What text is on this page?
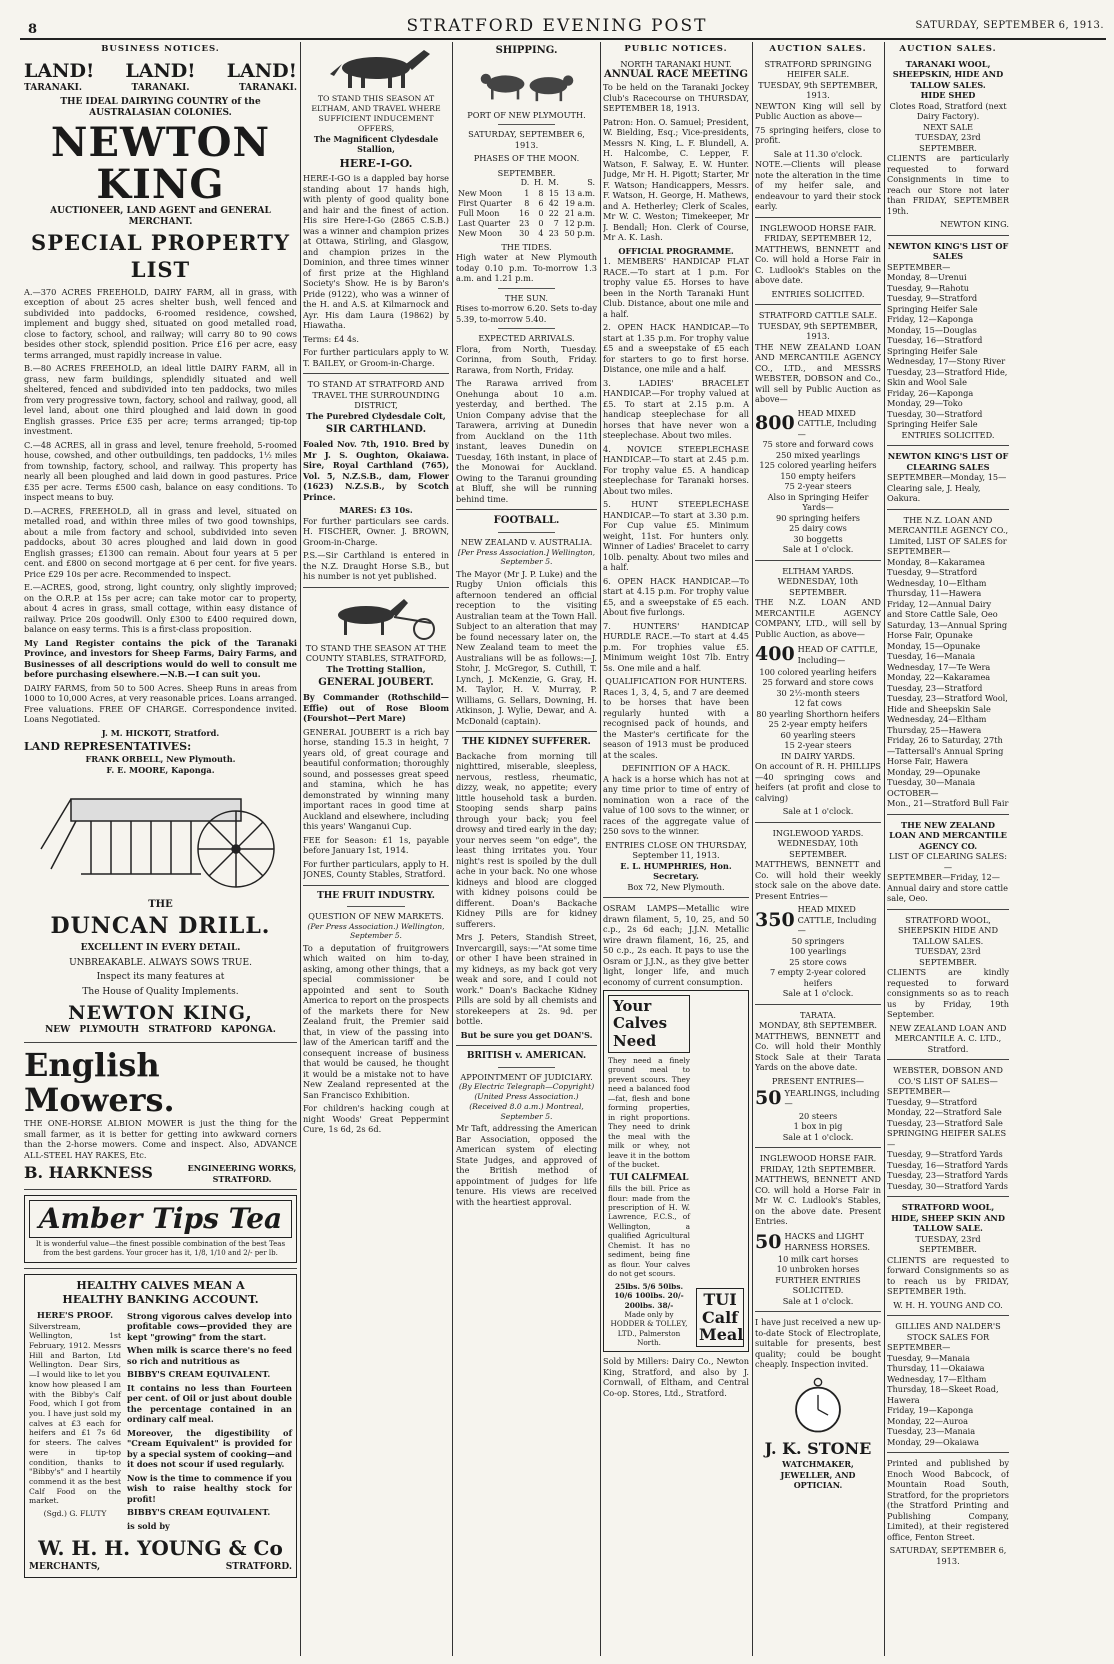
8	STRATFORD EVENING POST	SATURDAY, SEPTEMBER 6, 1913.
BUSINESS NOTICES.
LAND! LAND! LAND!
TARANAKI.	TARANAKI.	TARANAKI.
THE IDEAL DAIRYING COUNTRY of the AUSTRALASIAN COLONIES.
NEWTON KING
AUCTIONEER, LAND AGENT and GENERAL MERCHANT.
SPECIAL PROPERTY LIST
A.—370 ACRES FREEHOLD, DAIRY FARM, all in grass, with exception of about 25 acres shelter bush, well fenced and subdivided into paddocks, 6-roomed residence, cowshed, implement and buggy shed, situated on good metalled road, close to factory, school, and railway; will carry 80 to 90 cows besides other stock, splendid position. Price £16 per acre, easy terms arranged, must rapidly increase in value.
B.—80 ACRES FREEHOLD, an ideal little DAIRY FARM, all in grass, new farm buildings, splendidly situated and well sheltered, fenced and subdivided into ten paddocks, two miles from very progressive town, factory, school and railway, good, all level land, about one third ploughed and laid down in good English grasses. Price £35 per acre; terms arranged; tip-top investment.
C.—48 ACRES, all in grass and level, tenure freehold, 5-roomed house, cowshed, and other outbuildings, ten paddocks, 1½ miles from township, factory, school, and railway. This property has nearly all been ploughed and laid down in good pastures. Price £35 per acre. Terms £500 cash, balance on easy conditions. To inspect means to buy.
D.—ACRES, FREEHOLD, all in grass and level, situated on metalled road, and within three miles of two good townships, about a mile from factory and school, subdivided into seven paddocks, about 30 acres ploughed and laid down in good English grasses; £1300 can remain. About four years at 5 per cent. and £800 on second mortgage at 6 per cent. for five years. Price £29 10s per acre. Recommended to inspect.
E.—ACRES, good, strong, light country, only slightly improved; on the O.R.P. at 15s per acre; can take motor car to property, about 4 acres in grass, small cottage, within easy distance of railway. Price 20s goodwill. Only £300 to £400 required down, balance on easy terms. This is a first-class proposition.
My Land Register contains the pick of the Taranaki Province, and investors for Sheep Farms, Dairy Farms, and Businesses of all descriptions would do well to consult me before purchasing elsewhere.—N.B.—I can suit you.
DAIRY FARMS, from 50 to 500 Acres. Sheep Runs in areas from 1000 to 10,000 Acres, at very reasonable prices. Loans arranged. Free valuations. FREE OF CHARGE. Correspondence invited. Loans Negotiated.
J. M. HICKOTT, Stratford.
LAND REPRESENTATIVES:
FRANK ORBELL, New Plymouth.
F. E. MOORE, Kaponga.
THE
DUNCAN DRILL.
EXCELLENT IN EVERY DETAIL.
UNBREAKABLE. ALWAYS SOWS TRUE.
Inspect its many features at
The House of Quality Implements.
NEWTON KING,
NEW PLYMOUTH STRATFORD KAPONGA.
English Mowers.
THE ONE-HORSE ALBION MOWER is just the thing for the small farmer, as it is better for getting into awkward corners than the 2-horse mowers. Come and inspect. Also, ADVANCE ALL-STEEL HAY RAKES, Etc.
B. HARKNESS	ENGINEERING WORKS, STRATFORD.
Amber Tips Tea
It is wonderful value—the finest possible combination of the best Teas from the best gardens. Your grocer has it, 1/8, 1/10 and 2/- per lb.
HEALTHY CALVES MEAN A
HEALTHY BANKING ACCOUNT.
HERE'S PROOF.
Silverstream, Wellington, 1st February, 1912. Messrs Hill and Barton, Ltd Wellington. Dear Sirs,—I would like to let you know how pleased I am with the Bibby's Calf Food, which I got from you. I have just sold my calves at £3 each for heifers and £1 7s 6d for steers. The calves were in tip-top condition, thanks to "Bibby's" and I heartily commend it as the best Calf Food on the market.
(Sgd.) G. FLUTY
Strong vigorous calves develop into profitable cows—provided they are kept "growing" from the start.
When milk is scarce there's no feed so rich and nutritious as
BIBBY'S CREAM EQUIVALENT.
It contains no less than Fourteen per cent. of Oil or just about double the percentage contained in an ordinary calf meal.
Moreover, the digestibility of "Cream Equivalent" is provided for by a special system of cooking—and it does not scour if used regularly.
Now is the time to commence if you wish to raise healthy stock for profit!
BIBBY'S CREAM EQUIVALENT.
is sold by
W. H. H. YOUNG & Co
MERCHANTS,	STRATFORD.
TO STAND THIS SEASON AT ELTHAM, AND TRAVEL WHERE SUFFICIENT INDUCEMENT OFFERS,
The Magnificent Clydesdale Stallion,
HERE-I-GO.
HERE-I-GO is a dappled bay horse standing about 17 hands high, with plenty of good quality bone and hair and the finest of action. His sire Here-I-Go (2865 C.S.B.) was a winner and champion prizes at Ottawa, Stirling, and Glasgow, and champion prizes in the Dominion, and three times winner of first prize at the Highland Society's Show. He is by Baron's Pride (9122), who was a winner of the H. and A.S. at Kilmarnock and Ayr. His dam Laura (19862) by Hiawatha.
Terms: £4 4s.
For further particulars apply to W. T. BAILEY, or Groom-in-Charge.
TO STAND AT STRATFORD AND TRAVEL THE SURROUNDING DISTRICT,
The Purebred Clydesdale Colt,
SIR CARTHLAND.
Foaled Nov. 7th, 1910. Bred by Mr J. S. Oughton, Okaiawa. Sire, Royal Carthland (765), Vol. 5, N.Z.S.B., dam, Flower (1623) N.Z.S.B., by Scotch Prince.
MARES: £3 10s.
For further particulars see cards. H. FISCHER, Owner. J. BROWN, Groom-in-Charge.
P.S.—Sir Carthland is entered in the N.Z. Draught Horse S.B., but his number is not yet published.
TO STAND THE SEASON AT THE COUNTY STABLES, STRATFORD,
The Trotting Stallion,
GENERAL JOUBERT.
By Commander (Rothschild—Effie) out of Rose Bloom (Fourshot—Pert Mare)
GENERAL JOUBERT is a rich bay horse, standing 15.3 in height, 7 years old, of great courage and beautiful conformation; thoroughly sound, and possesses great speed and stamina, which he has demonstrated by winning many important races in good time at Auckland and elsewhere, including this years' Wanganui Cup.
FEE for Season: £1 1s, payable before January 1st, 1914.
For further particulars, apply to H. JONES, County Stables, Stratford.
THE FRUIT INDUSTRY.
QUESTION OF NEW MARKETS.
(Per Press Association.) Wellington, September 5.
To a deputation of fruitgrowers which waited on him to-day, asking, among other things, that a special commissioner be appointed and sent to South America to report on the prospects of the markets there for New Zealand fruit, the Premier said that, in view of the passing into law of the American tariff and the consequent increase of business that would be caused, he thought it would be a mistake not to have New Zealand represented at the San Francisco Exhibition.
For children's hacking cough at night Woods' Great Peppermint Cure, 1s 6d, 2s 6d.
SHIPPING.
PORT OF NEW PLYMOUTH.
SATURDAY, SEPTEMBER 6, 1913.
PHASES OF THE MOON.
SEPTEMBER.
	D.	H.	M.	S.
New Moon	1	8	15	13 a.m.
First Quarter	8	6	42	19 a.m.
Full Moon	16	0	22	21 a.m.
Last Quarter	23	0	7	12 p.m.
New Moon	30	4	23	50 p.m.
THE TIDES.
High water at New Plymouth today 0.10 p.m. To-morrow 1.3 a.m. and 1.21 p.m.
THE SUN.
Rises to-morrow 6.20. Sets to-day 5.39, to-morrow 5.40.
EXPECTED ARRIVALS.
Flora, from North, Tuesday. Corinna, from South, Friday. Rarawa, from North, Friday.
The Rarawa arrived from Onehunga about 10 a.m. yesterday, and berthed. The Union Company advise that the Tarawera, arriving at Dunedin from Auckland on the 11th instant, leaves Dunedin on Tuesday, 16th instant, in place of the Monowai for Auckland. Owing to the Taranui grounding at Bluff, she will be running behind time.
FOOTBALL.
NEW ZEALAND v. AUSTRALIA.
[Per Press Association.] Wellington, September 5.
The Mayor (Mr J. P. Luke) and the Rugby Union officials this afternoon tendered an official reception to the visiting Australian team at the Town Hall. Subject to an alteration that may be found necessary later on, the New Zealand team to meet the Australians will be as follows:—J. Stohr, J. McGregor, S. Cuthill, T. Lynch, J. McKenzie, G. Gray, H. M. Taylor, H. V. Murray, P. Williams, G. Sellars, Downing, H. Atkinson, J. Wylie, Dewar, and A. McDonald (captain).
THE KIDNEY SUFFERER.
Backache from morning till nighttired, miserable, sleepless, nervous, restless, rheumatic, dizzy, weak, no appetite; every little household task a burden. Stooping sends sharp pains through your back; you feel drowsy and tired early in the day; your nerves seem "on edge", the least thing irritates you. Your night's rest is spoiled by the dull ache in your back. No one whose kidneys and blood are clogged with kidney poisons could be different. Doan's Backache Kidney Pills are for kidney sufferers.
Mrs J. Peters, Standish Street, Invercargill, says:—"At some time or other I have been strained in my kidneys, as my back got very weak and sore, and I could not work." Doan's Backache Kidney Pills are sold by all chemists and storekeepers at 2s. 9d. per bottle.
But be sure you get DOAN'S.
BRITISH v. AMERICAN.
APPOINTMENT OF JUDICIARY.
(By Electric Telegraph—Copyright) (United Press Association.) (Received 8.0 a.m.) Montreal, September 5.
Mr Taft, addressing the American Bar Association, opposed the American system of electing State Judges, and approved of the British method of appointment of judges for life tenure. His views are received with the heartiest approval.
PUBLIC NOTICES.
NORTH TARANAKI HUNT.
ANNUAL RACE MEETING
To be held on the Taranaki Jockey Club's Racecourse on THURSDAY, SEPTEMBER 18, 1913.
Patron: Hon. O. Samuel; President, W. Bielding, Esq.; Vice-presidents, Messrs N. King, L. F. Blundell, A. H. Halcombe, C. Lepper, F. Watson, F. Salway, E. W. Hunter. Judge, Mr H. H. Pigott; Starter, Mr F. Watson; Handicappers, Messrs. F. Watson, H. George, H. Mathews, and A. Hetherley; Clerk of Scales, Mr W. C. Weston; Timekeeper, Mr J. Bendall; Hon. Clerk of Course, Mr A. K. Lash.
OFFICIAL PROGRAMME.
1. MEMBERS' HANDICAP FLAT RACE.—To start at 1 p.m. For trophy value £5. Horses to have been in the North Taranaki Hunt Club. Distance, about one mile and a half.
2. OPEN HACK HANDICAP.—To start at 1.35 p.m. For trophy value £5 and a sweepstake of £5 each for starters to go to first horse. Distance, one mile and a half.
3. LADIES' BRACELET HANDICAP.—For trophy valued at £5. To start at 2.15 p.m. A handicap steeplechase for all horses that have never won a steeplechase. About two miles.
4. NOVICE STEEPLECHASE HANDICAP.—To start at 2.45 p.m. For trophy value £5. A handicap steeplechase for Taranaki horses. About two miles.
5. HUNT STEEPLECHASE HANDICAP.—To start at 3.30 p.m. For Cup value £5. Minimum weight, 11st. For hunters only. Winner of Ladies' Bracelet to carry 10lb. penalty. About two miles and a half.
6. OPEN HACK HANDICAP.—To start at 4.15 p.m. For trophy value £5, and a sweepstake of £5 each. About five furlongs.
7. HUNTERS' HANDICAP HURDLE RACE.—To start at 4.45 p.m. For trophies value £5. Minimum weight 10st 7lb. Entry 5s. One mile and a half.
QUALIFICATION FOR HUNTERS.
Races 1, 3, 4, 5, and 7 are deemed to be horses that have been regularly hunted with a recognised pack of hounds, and the Master's certificate for the season of 1913 must be produced at the scales.
DEFINITION OF A HACK.
A hack is a horse which has not at any time prior to time of entry of nomination won a race of the value of 100 sovs to the winner, or races of the aggregate value of 250 sovs to the winner.
ENTRIES CLOSE ON THURSDAY, September 11, 1913.
E. L. HUMPHRIES, Hon. Secretary.
Box 72, New Plymouth.
OSRAM LAMPS—Metallic wire drawn filament, 5, 10, 25, and 50 c.p., 2s 6d each; J.J.N. Metallic wire drawn filament, 16, 25, and 50 c.p., 2s each. It pays to use the Osram or J.J.N., as they give better light, longer life, and much economy of current consumption.
Your
Calves
Need
They need a finely ground meal to prevent scours. They need a balanced food—fat, flesh and bone forming properties, in right proportions. They need to drink the meal with the milk or whey, not leave it in the bottom of the bucket.
TUI CALFMEAL
fills the bill. Price as flour: made from the prescription of H. W. Lawrence, F.C.S., of Wellington, a qualified Agricultural Chemist. It has no sediment, being fine as flour. Your calves do not get scours.
25lbs. 5/6 50lbs. 10/6 100lbs. 20/- 200lbs. 38/-
Made only by HODDER & TOLLEY, LTD., Palmerston North.
TUI
Calf
Meal
Sold by Millers: Dairy Co., Newton King, Stratford, and also by J. Cornwall, of Eltham, and Central Co-op. Stores, Ltd., Stratford.
AUCTION SALES.
STRATFORD SPRINGING HEIFER SALE.
TUESDAY, 9th SEPTEMBER, 1913.
NEWTON King will sell by Public Auction as above—
75 springing heifers, close to profit.
Sale at 11.30 o'clock.
NOTE.—Clients will please note the alteration in the time of my heifer sale, and endeavour to yard their stock early.
INGLEWOOD HORSE FAIR.
FRIDAY, SEPTEMBER 12,
MATTHEWS, BENNETT and Co. will hold a Horse Fair in C. Ludlook's Stables on the above date.
ENTRIES SOLICITED.
STRATFORD CATTLE SALE.
TUESDAY, 9th SEPTEMBER, 1913.
THE NEW ZEALAND LOAN AND MERCANTILE AGENCY CO., LTD., and MESSRS WEBSTER, DOBSON and Co., will sell by Public Auction as above—
800 HEAD MIXED CATTLE, Including—
75 store and forward cows
250 mixed yearlings
125 colored yearling heifers
150 empty heifers
75 2-year steers
Also in Springing Heifer Yards—
90 springing heifers
25 dairy cows
30 boggetts
Sale at 1 o'clock.
ELTHAM YARDS.
WEDNESDAY, 10th SEPTEMBER.
THE N.Z. LOAN AND MERCANTILE AGENCY COMPANY, LTD., will sell by Public Auction, as above—
400 HEAD OF CATTLE, Including—
100 colored yearling heifers
25 forward and store cows
30 2½-month steers
12 fat cows
80 yearling Shorthorn heifers
25 2-year empty heifers
60 yearling steers
15 2-year steers
IN DAIRY YARDS.
On account of R. H. PHILLIPS—40 springing cows and heifers (at profit and close to calving)
Sale at 1 o'clock.
INGLEWOOD YARDS.
WEDNESDAY, 10th SEPTEMBER.
MATTHEWS, BENNETT and Co. will hold their weekly stock sale on the above date. Present Entries—
350 HEAD MIXED CATTLE, Including—
50 springers
100 yearlings
25 store cows
7 empty 2-year colored heifers
Sale at 1 o'clock.
TARATA.
MONDAY, 8th SEPTEMBER.
MATTHEWS, BENNETT and Co. will hold their Monthly Stock Sale at their Tarata Yards on the above date.
PRESENT ENTRIES—
50 YEARLINGS, including—
20 steers
1 box in pig
Sale at 1 o'clock.
INGLEWOOD HORSE FAIR.
FRIDAY, 12th SEPTEMBER.
MATTHEWS, BENNETT AND CO. will hold a Horse Fair in Mr W. C. Ludlook's Stables, on the above date. Present Entries.
50 HACKS and LIGHT HARNESS HORSES.
10 milk cart horses
10 unbroken horses
FURTHER ENTRIES SOLICITED.
Sale at 1 o'clock.
I have just received a new up-to-date Stock of Electroplate, suitable for presents, best quality; could be bought cheaply. Inspection invited.
J. K. STONE
WATCHMAKER, JEWELLER, AND OPTICIAN.
AUCTION SALES.
TARANAKI WOOL, SHEEPSKIN, HIDE AND TALLOW SALES.
HIDE SHED
Clotes Road, Stratford (next Dairy Factory).
NEXT SALE
TUESDAY, 23rd SEPTEMBER.
CLIENTS are particularly requested to forward Consignments in time to reach our Store not later than FRIDAY, SEPTEMBER 19th.
NEWTON KING.
NEWTON KING'S LIST OF SALES
SEPTEMBER—
Monday, 8—Urenui
Tuesday, 9—Rahotu
Tuesday, 9—Stratford Springing Heifer Sale
Friday, 12—Kaponga
Monday, 15—Douglas
Tuesday, 16—Stratford Springing Heifer Sale
Wednesday, 17—Stony River
Tuesday, 23—Stratford Hide, Skin and Wool Sale
Friday, 26—Kaponga
Monday, 29—Toko
Tuesday, 30—Stratford Springing Heifer Sale
ENTRIES SOLICITED.
NEWTON KING'S LIST OF CLEARING SALES
SEPTEMBER—Monday, 15—Clearing sale, J. Healy, Oakura.
THE N.Z. LOAN AND MERCANTILE AGENCY CO., Limited, LIST OF SALES for
SEPTEMBER—
Monday, 8—Kakaramea
Tuesday, 9—Stratford
Wednesday, 10—Eltham
Thursday, 11—Hawera
Friday, 12—Annual Dairy and Store Cattle Sale, Oeo
Saturday, 13—Annual Spring Horse Fair, Opunake
Monday, 15—Opunake
Tuesday, 16—Manaia
Wednesday, 17—Te Wera
Monday, 22—Kakaramea
Tuesday, 23—Stratford
Tuesday, 23—Stratford Wool, Hide and Sheepskin Sale
Wednesday, 24—Eltham
Thursday, 25—Hawera
Friday, 26 to Saturday, 27th—Tattersall's Annual Spring Horse Fair, Hawera
Monday, 29—Opunake
Tuesday, 30—Manaia
OCTOBER—
Mon., 21—Stratford Bull Fair
THE NEW ZEALAND LOAN AND MERCANTILE AGENCY CO.
LIST OF CLEARING SALES:—
SEPTEMBER—Friday, 12—Annual dairy and store cattle sale, Oeo.
STRATFORD WOOL, SHEEPSKIN HIDE AND TALLOW SALES.
TUESDAY, 23rd SEPTEMBER.
CLIENTS are kindly requested to forward consignments so as to reach us by Friday, 19th September.
NEW ZEALAND LOAN AND MERCANTILE A. C. LTD., Stratford.
WEBSTER, DOBSON AND CO.'S LIST OF SALES—
SEPTEMBER—
Tuesday, 9—Stratford
Monday, 22—Stratford Sale
Tuesday, 23—Stratford Sale
SPRINGING HEIFER SALES—
Tuesday, 9—Stratford Yards
Tuesday, 16—Stratford Yards
Tuesday, 23—Stratford Yards
Tuesday, 30—Stratford Yards
STRATFORD WOOL, HIDE, SHEEP SKIN AND TALLOW SALE.
TUESDAY, 23rd SEPTEMBER.
CLIENTS are requested to forward Consignments so as to reach us by FRIDAY, SEPTEMBER 19th.
W. H. H. YOUNG AND CO.
GILLIES AND NALDER'S STOCK SALES FOR
SEPTEMBER—
Tuesday, 9—Manaia
Thursday, 11—Okaiawa
Wednesday, 17—Eltham
Thursday, 18—Skeet Road, Hawera
Friday, 19—Kaponga
Monday, 22—Auroa
Tuesday, 23—Manaia
Monday, 29—Okaiawa
Printed and published by Enoch Wood Babcock, of Mountain Road South, Stratford, for the proprietors (the Stratford Printing and Publishing Company, Limited), at their registered office, Fenton Street.
SATURDAY, SEPTEMBER 6, 1913.
